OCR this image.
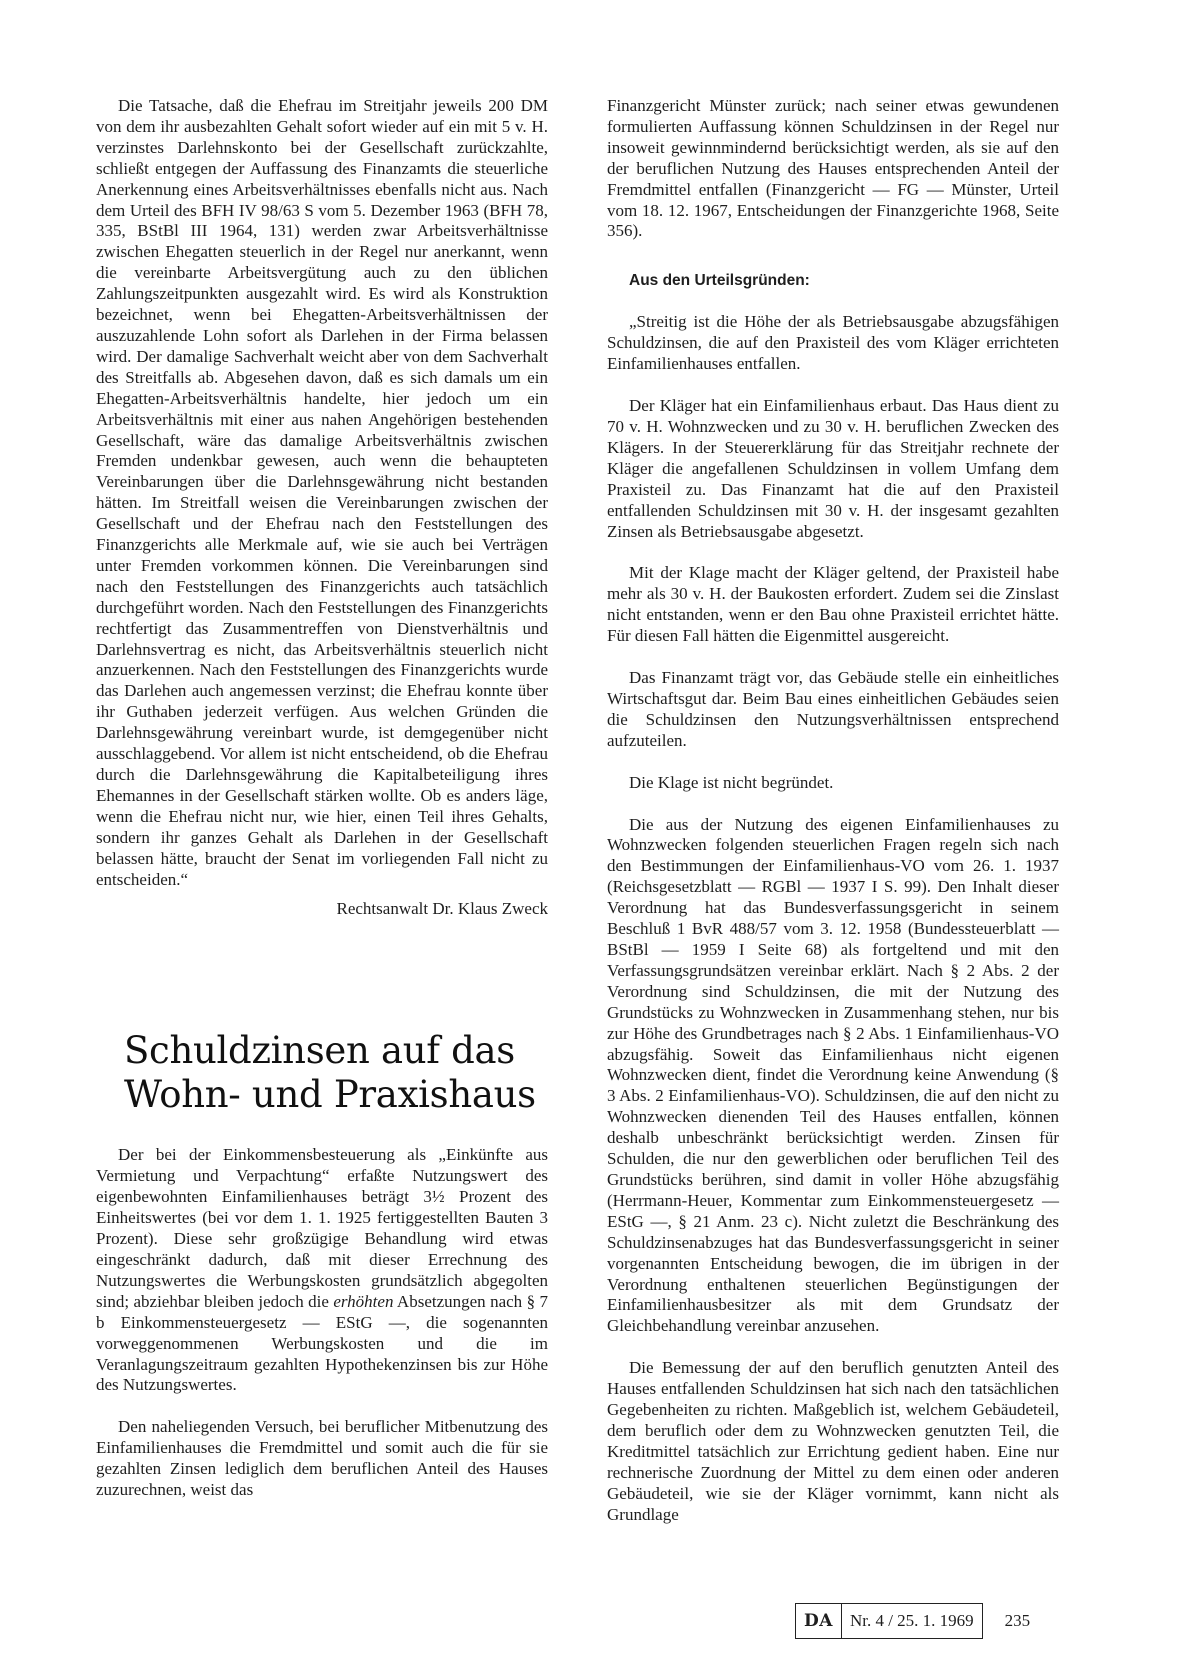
Die Tatsache, daß die Ehefrau im Streitjahr jeweils 200 DM von dem ihr ausbezahlten Gehalt sofort wieder auf ein mit 5 v. H. verzinstes Darlehnskonto bei der Gesellschaft zurückzahlte, schließt entgegen der Auffassung des Finanzamts die steuerliche Anerkennung eines Arbeitsverhältnisses ebenfalls nicht aus. Nach dem Urteil des BFH IV 98/63 S vom 5. Dezember 1963 (BFH 78, 335, BStBl III 1964, 131) werden zwar Arbeitsverhältnisse zwischen Ehegatten steuerlich in der Regel nur anerkannt, wenn die vereinbarte Arbeitsvergütung auch zu den üblichen Zahlungszeitpunkten ausgezahlt wird. Es wird als Konstruktion bezeichnet, wenn bei Ehegatten-Arbeitsverhältnissen der auszuzahlende Lohn sofort als Darlehen in der Firma belassen wird. Der damalige Sachverhalt weicht aber von dem Sachverhalt des Streitfalls ab. Abgesehen davon, daß es sich damals um ein Ehegatten-Arbeitsverhältnis handelte, hier jedoch um ein Arbeitsverhältnis mit einer aus nahen Angehörigen bestehenden Gesellschaft, wäre das damalige Arbeitsverhältnis zwischen Fremden undenkbar gewesen, auch wenn die behaupteten Vereinbarungen über die Darlehnsgewährung nicht bestanden hätten. Im Streitfall weisen die Vereinbarungen zwischen der Gesellschaft und der Ehefrau nach den Feststellungen des Finanzgerichts alle Merkmale auf, wie sie auch bei Verträgen unter Fremden vorkommen können. Die Vereinbarungen sind nach den Feststellungen des Finanzgerichts auch tatsächlich durchgeführt worden. Nach den Feststellungen des Finanzgerichts rechtfertigt das Zusammentreffen von Dienstverhältnis und Darlehnsvertrag es nicht, das Arbeitsverhältnis steuerlich nicht anzuerkennen. Nach den Feststellungen des Finanzgerichts wurde das Darlehen auch angemessen verzinst; die Ehefrau konnte über ihr Guthaben jederzeit verfügen. Aus welchen Gründen die Darlehnsgewährung vereinbart wurde, ist demgegenüber nicht ausschlaggebend. Vor allem ist nicht entscheidend, ob die Ehefrau durch die Darlehnsgewährung die Kapitalbeteiligung ihres Ehemannes in der Gesellschaft stärken wollte. Ob es anders läge, wenn die Ehefrau nicht nur, wie hier, einen Teil ihres Gehalts, sondern ihr ganzes Gehalt als Darlehen in der Gesellschaft belassen hätte, braucht der Senat im vorliegenden Fall nicht zu entscheiden.“

Rechtsanwalt Dr. Klaus Zweck
Schuldzinsen auf das
Wohn- und Praxishaus

Der bei der Einkommensbesteuerung als „Einkünfte aus Vermietung und Verpachtung“ erfaßte Nutzungswert des eigenbewohnten Einfamilienhauses beträgt 3½ Prozent des Einheitswertes (bei vor dem 1. 1. 1925 fertiggestellten Bauten 3 Prozent). Diese sehr großzügige Behandlung wird etwas eingeschränkt dadurch, daß mit dieser Errechnung des Nutzungswertes die Werbungskosten grundsätzlich abgegolten sind; abziehbar bleiben jedoch die erhöhten Absetzungen nach § 7 b Einkommensteuergesetz — EStG —, die sogenannten vorweggenommenen Werbungskosten und die im Veranlagungszeitraum gezahlten Hypothekenzinsen bis zur Höhe des Nutzungswertes.

Den naheliegenden Versuch, bei beruflicher Mitbenutzung des Einfamilienhauses die Fremdmittel und somit auch die für sie gezahlten Zinsen lediglich dem beruflichen Anteil des Hauses zuzurechnen, weist das

Finanzgericht Münster zurück; nach seiner etwas gewundenen formulierten Auffassung können Schuldzinsen in der Regel nur insoweit gewinnmindernd berücksichtigt werden, als sie auf den der beruflichen Nutzung des Hauses entsprechenden Anteil der Fremdmittel entfallen (Finanzgericht — FG — Münster, Urteil vom 18. 12. 1967, Entscheidungen der Finanzgerichte 1968, Seite 356).

Aus den Urteilsgründen:

„Streitig ist die Höhe der als Betriebsausgabe abzugsfähigen Schuldzinsen, die auf den Praxisteil des vom Kläger errichteten Einfamilienhauses entfallen.

Der Kläger hat ein Einfamilienhaus erbaut. Das Haus dient zu 70 v. H. Wohnzwecken und zu 30 v. H. beruflichen Zwecken des Klägers. In der Steuererklärung für das Streitjahr rechnete der Kläger die angefallenen Schuldzinsen in vollem Umfang dem Praxisteil zu. Das Finanzamt hat die auf den Praxisteil entfallenden Schuldzinsen mit 30 v. H. der insgesamt gezahlten Zinsen als Betriebsausgabe abgesetzt.

Mit der Klage macht der Kläger geltend, der Praxisteil habe mehr als 30 v. H. der Baukosten erfordert. Zudem sei die Zinslast nicht entstanden, wenn er den Bau ohne Praxisteil errichtet hätte. Für diesen Fall hätten die Eigenmittel ausgereicht.

Das Finanzamt trägt vor, das Gebäude stelle ein einheitliches Wirtschaftsgut dar. Beim Bau eines einheitlichen Gebäudes seien die Schuldzinsen den Nutzungsverhältnissen entsprechend aufzuteilen.

Die Klage ist nicht begründet.

Die aus der Nutzung des eigenen Einfamilienhauses zu Wohnzwecken folgenden steuerlichen Fragen regeln sich nach den Bestimmungen der Einfamilienhaus-VO vom 26. 1. 1937 (Reichsgesetzblatt — RGBl — 1937 I S. 99). Den Inhalt dieser Verordnung hat das Bundesverfassungsgericht in seinem Beschluß 1 BvR 488/57 vom 3. 12. 1958 (Bundessteuerblatt — BStBl — 1959 I Seite 68) als fortgeltend und mit den Verfassungsgrundsätzen vereinbar erklärt. Nach § 2 Abs. 2 der Verordnung sind Schuldzinsen, die mit der Nutzung des Grundstücks zu Wohnzwecken in Zusammenhang stehen, nur bis zur Höhe des Grundbetrages nach § 2 Abs. 1 Einfamilienhaus-VO abzugsfähig. Soweit das Einfamilienhaus nicht eigenen Wohnzwecken dient, findet die Verordnung keine Anwendung (§ 3 Abs. 2 Einfamilienhaus-VO). Schuldzinsen, die auf den nicht zu Wohnzwecken dienenden Teil des Hauses entfallen, können deshalb unbeschränkt berücksichtigt werden. Zinsen für Schulden, die nur den gewerblichen oder beruflichen Teil des Grundstücks berühren, sind damit in voller Höhe abzugsfähig (Herrmann-Heuer, Kommentar zum Einkommensteuergesetz — EStG —, § 21 Anm. 23 c). Nicht zuletzt die Beschränkung des Schuldzinsenabzuges hat das Bundesverfassungsgericht in seiner vorgenannten Entscheidung bewogen, die im übrigen in der Verordnung enthaltenen steuerlichen Begünstigungen der Einfamilienhausbesitzer als mit dem Grundsatz der Gleichbehandlung vereinbar anzusehen.

Die Bemessung der auf den beruflich genutzten Anteil des Hauses entfallenden Schuldzinsen hat sich nach den tatsächlichen Gegebenheiten zu richten. Maßgeblich ist, welchem Gebäudeteil, dem beruflich oder dem zu Wohnzwecken genutzten Teil, die Kreditmittel tatsächlich zur Errichtung gedient haben. Eine nur rechnerische Zuordnung der Mittel zu dem einen oder anderen Gebäudeteil, wie sie der Kläger vornimmt, kann nicht als Grundlage

DA	Nr. 4 / 25. 1. 1969	235
